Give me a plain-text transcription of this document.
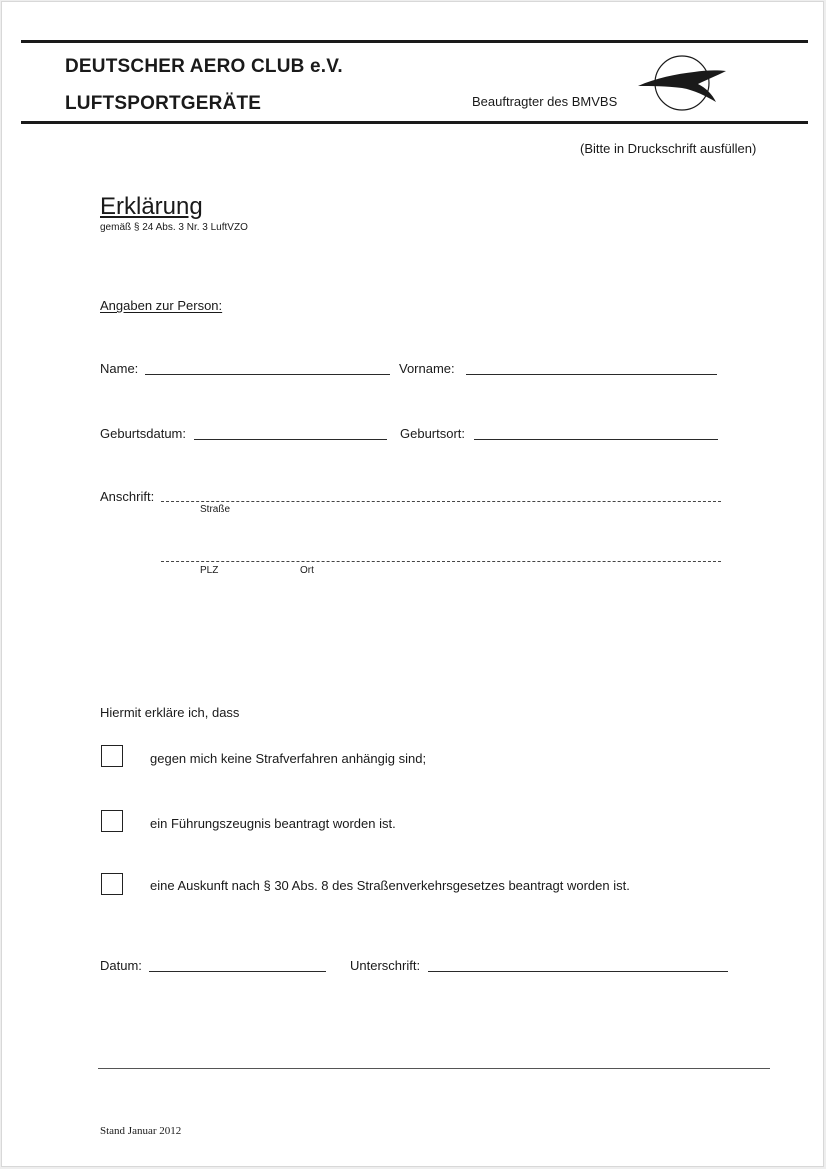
DEUTSCHER AERO CLUB e.V.
LUFTSPORTGERÄTE	Beauftragter des BMVBS
(Bitte in Druckschrift ausfüllen)
Erklärung
gemäß § 24 Abs. 3 Nr. 3 LuftVZO
Angaben zur Person:
Name:	Vorname:
Geburtsdatum:	Geburtsort:
Anschrift:
Straße
PLZ	Ort
Hiermit erkläre ich, dass
gegen mich keine Strafverfahren anhängig sind;
ein Führungszeugnis beantragt worden ist.
eine Auskunft nach § 30 Abs. 8 des Straßenverkehrsgesetzes beantragt worden ist.
Datum:	Unterschrift:
Stand Januar 2012
